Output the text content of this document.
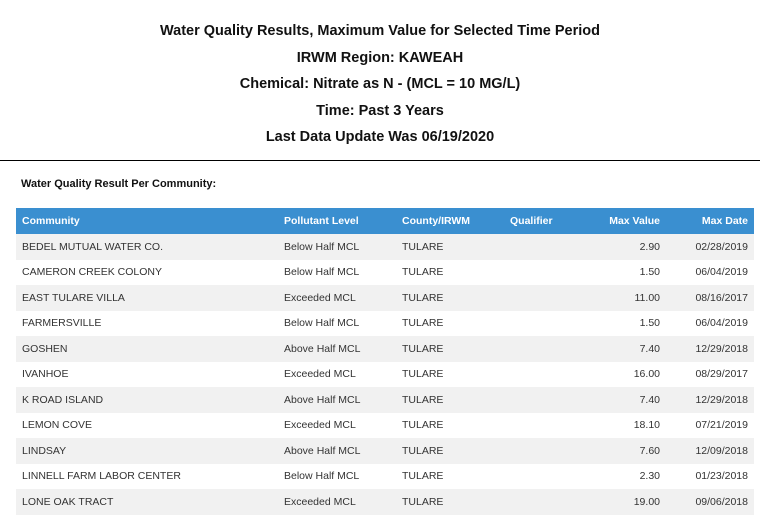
Water Quality Results, Maximum Value for Selected Time Period
IRWM Region: KAWEAH
Chemical: Nitrate as N - (MCL = 10 MG/L)
Time: Past 3 Years
Last Data Update Was 06/19/2020
Water Quality Result Per Community:
Community	Pollutant Level	County/IRWM	Qualifier	Max Value	Max Date
BEDEL MUTUAL WATER CO.	Below Half MCL	TULARE		2.90	02/28/2019
CAMERON CREEK COLONY	Below Half MCL	TULARE		1.50	06/04/2019
EAST TULARE VILLA	Exceeded MCL	TULARE		11.00	08/16/2017
FARMERSVILLE	Below Half MCL	TULARE		1.50	06/04/2019
GOSHEN	Above Half MCL	TULARE		7.40	12/29/2018
IVANHOE	Exceeded MCL	TULARE		16.00	08/29/2017
K ROAD ISLAND	Above Half MCL	TULARE		7.40	12/29/2018
LEMON COVE	Exceeded MCL	TULARE		18.10	07/21/2019
LINDSAY	Above Half MCL	TULARE		7.60	12/09/2018
LINNELL FARM LABOR CENTER	Below Half MCL	TULARE		2.30	01/23/2018
LONE OAK TRACT	Exceeded MCL	TULARE		19.00	09/06/2018
